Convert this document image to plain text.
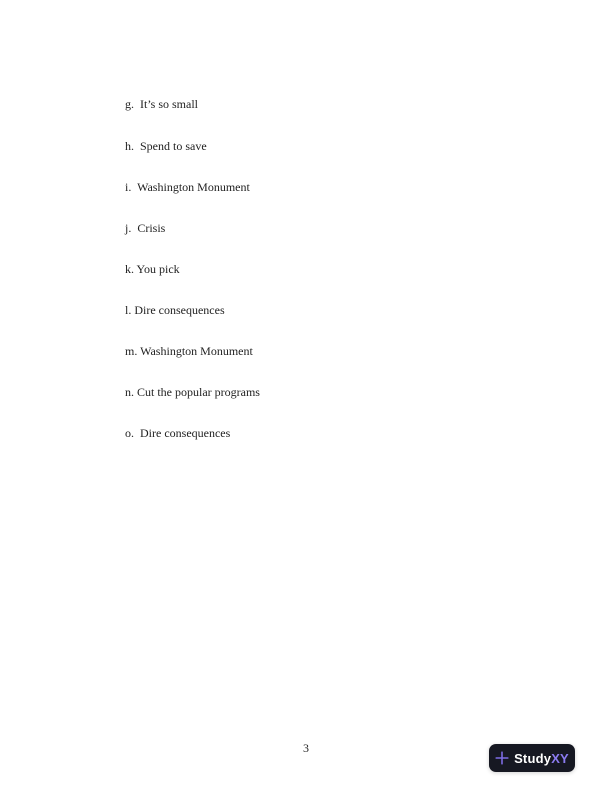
g.  It’s so small

h.  Spend to save

i.  Washington Monument

j.  Crisis

k. You pick

l. Dire consequences

m. Washington Monument

n. Cut the popular programs

o.  Dire consequences

3
StudyXY
